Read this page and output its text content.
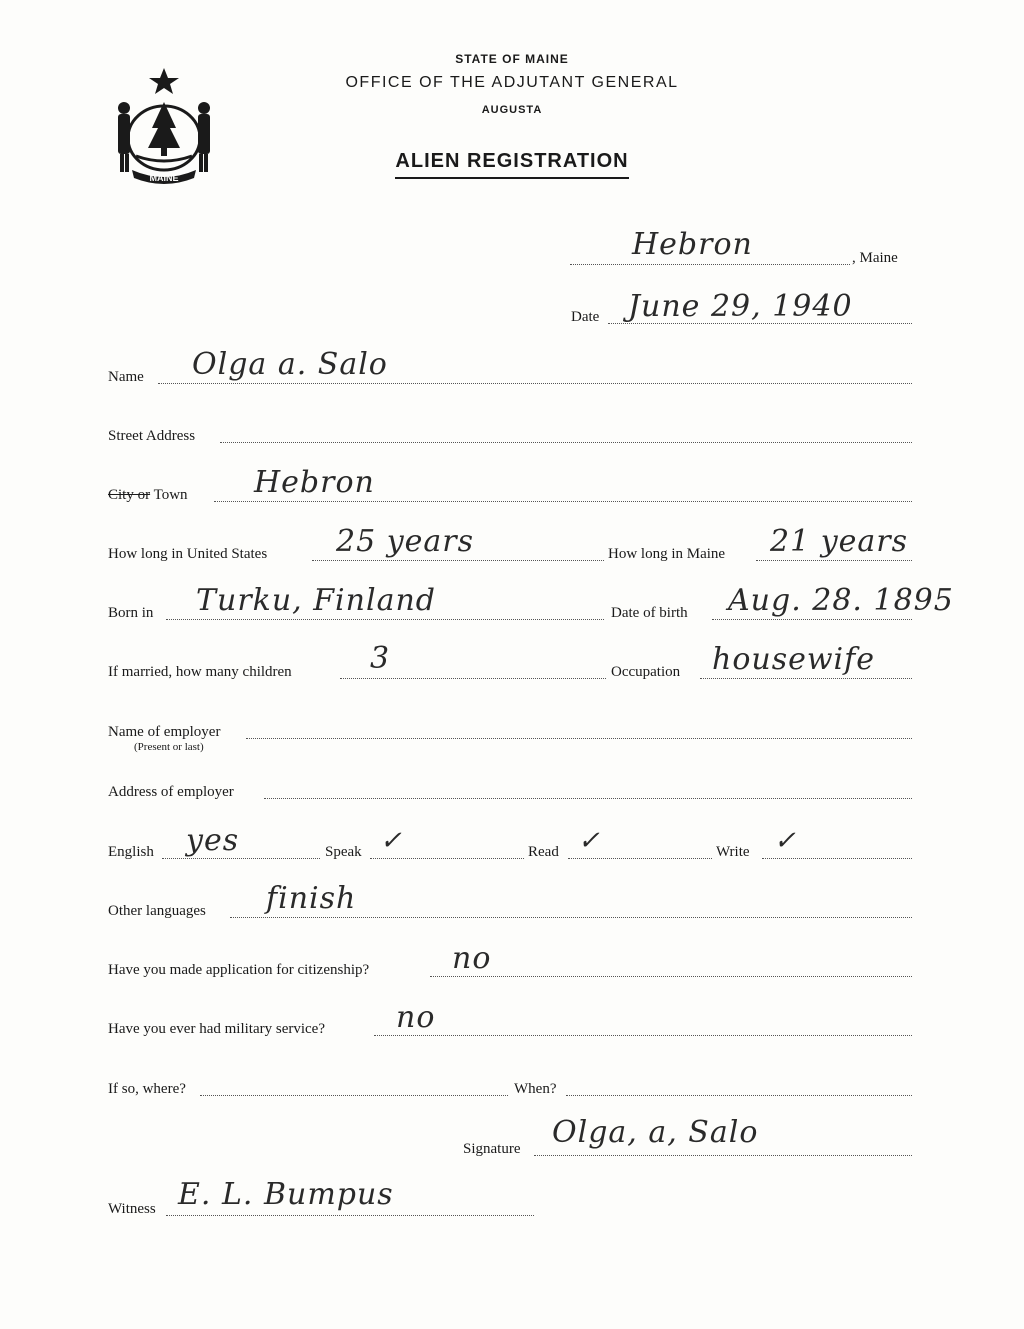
MAINE
STATE OF MAINE
OFFICE OF THE ADJUTANT GENERAL
AUGUSTA
ALIEN REGISTRATION
Hebron	, Maine
Date June 29, 1940
Name Olga a. Salo
Street Address
City or Town Hebron
How long in United States 25 years	How long in Maine 21 years
Born in Turku, Finland	Date of birth Aug. 28. 1895
If married, how many children	3	Occupation housewife
Name of employer
(Present or last)
Address of employer
English yes	Speak ✓	Read ✓	Write ✓
Other languages finish
Have you made application for citizenship?	no
Have you ever had military service? no
If so, where?	When?
Signature Olga, a, Salo
Witness E. L. Bumpus
